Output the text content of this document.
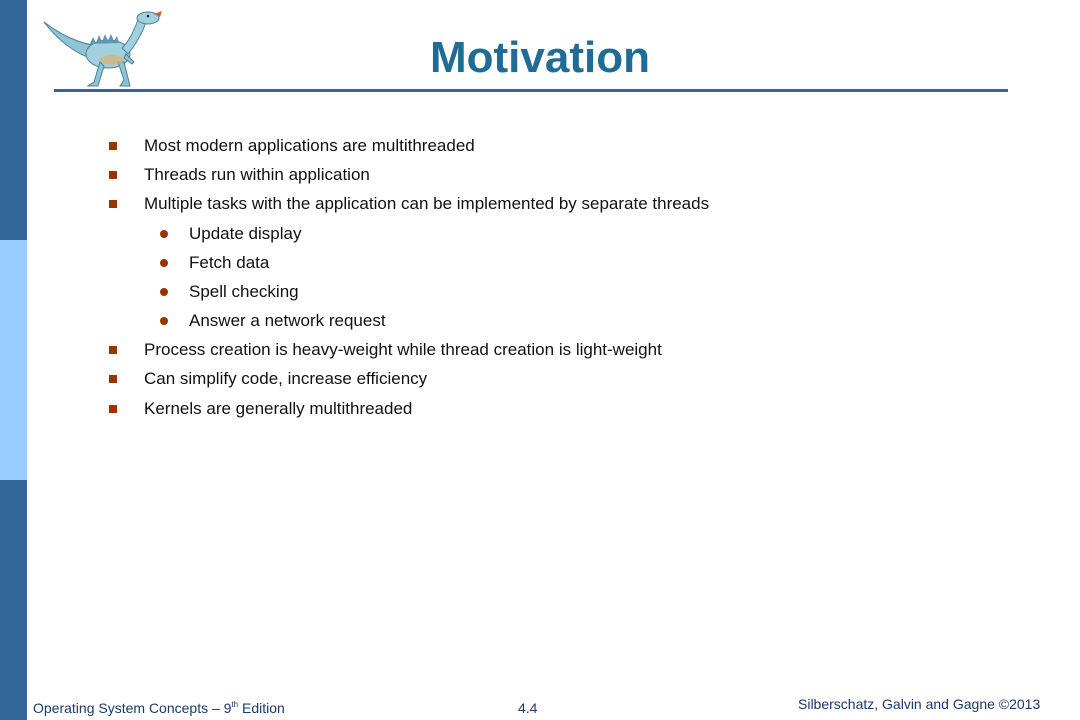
Motivation
Most modern applications are multithreaded
Threads run within application
Multiple tasks with the application can be implemented by separate threads
Update display
Fetch data
Spell checking
Answer a network request
Process creation is heavy-weight while thread creation is light-weight
Can simplify code, increase efficiency
Kernels are generally multithreaded
Operating System Concepts – 9th Edition	4.4	Silberschatz, Galvin and Gagne ©2013
